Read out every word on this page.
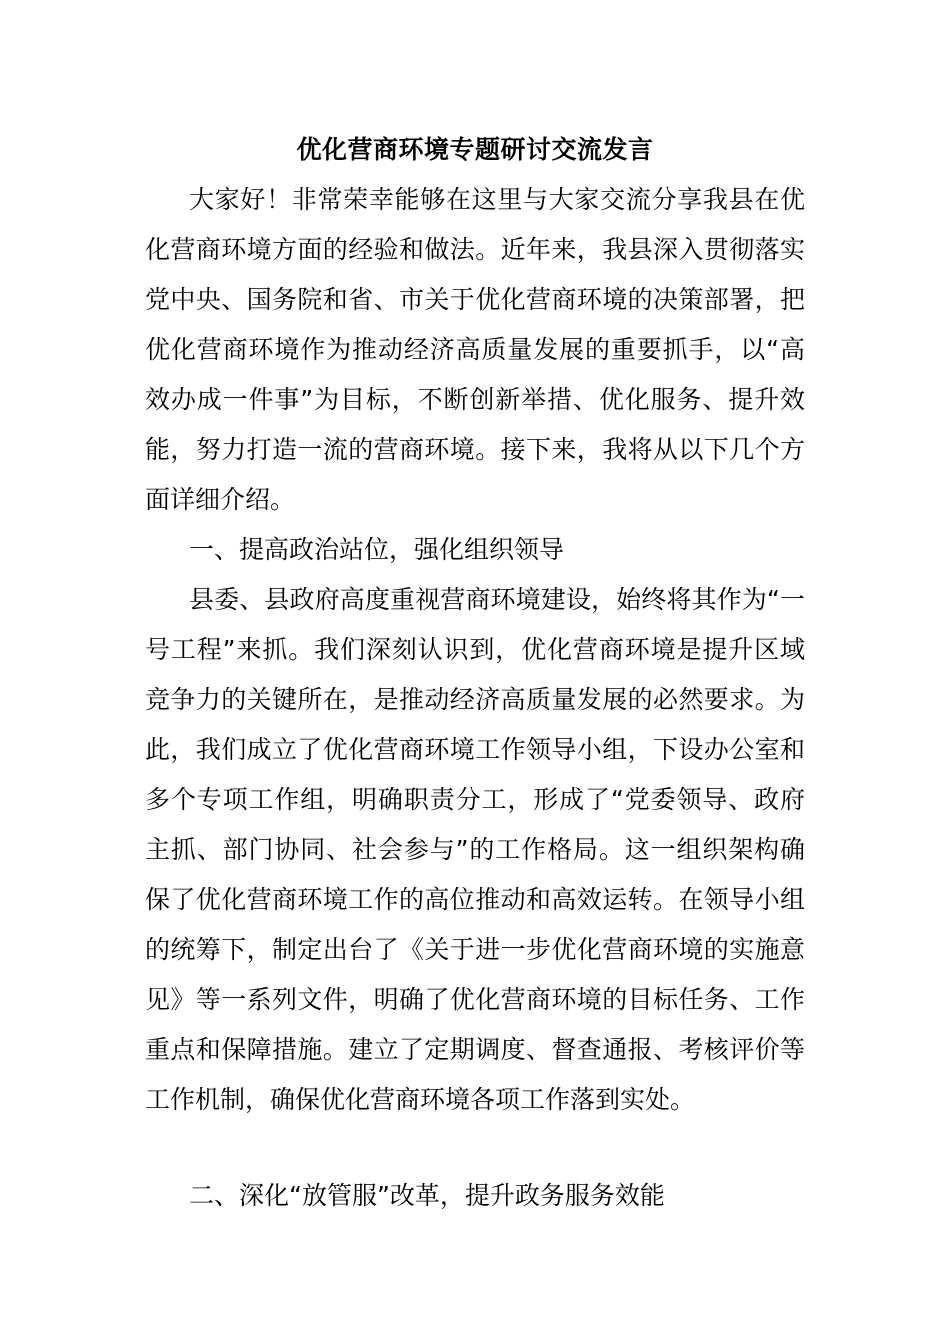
优化营商环境专题研讨交流发言

大家好！非常荣幸能够在这里与大家交流分享我县在优化营商环境方面的经验和做法。近年来，我县深入贯彻落实党中央、国务院和省、市关于优化营商环境的决策部署，把优化营商环境作为推动经济高质量发展的重要抓手，以“高效办成一件事”为目标，不断创新举措、优化服务、提升效能，努力打造一流的营商环境。接下来，我将从以下几个方面详细介绍。

一、提高政治站位，强化组织领导

县委、县政府高度重视营商环境建设，始终将其作为“一号工程”来抓。我们深刻认识到，优化营商环境是提升区域竞争力的关键所在，是推动经济高质量发展的必然要求。为此，我们成立了优化营商环境工作领导小组，下设办公室和多个专项工作组，明确职责分工，形成了“党委领导、政府主抓、部门协同、社会参与”的工作格局。这一组织架构确保了优化营商环境工作的高位推动和高效运转。在领导小组的统筹下，制定出台了《关于进一步优化营商环境的实施意见》等一系列文件，明确了优化营商环境的目标任务、工作重点和保障措施。建立了定期调度、督查通报、考核评价等工作机制，确保优化营商环境各项工作落到实处。

二、深化“放管服”改革，提升政务服务效能
